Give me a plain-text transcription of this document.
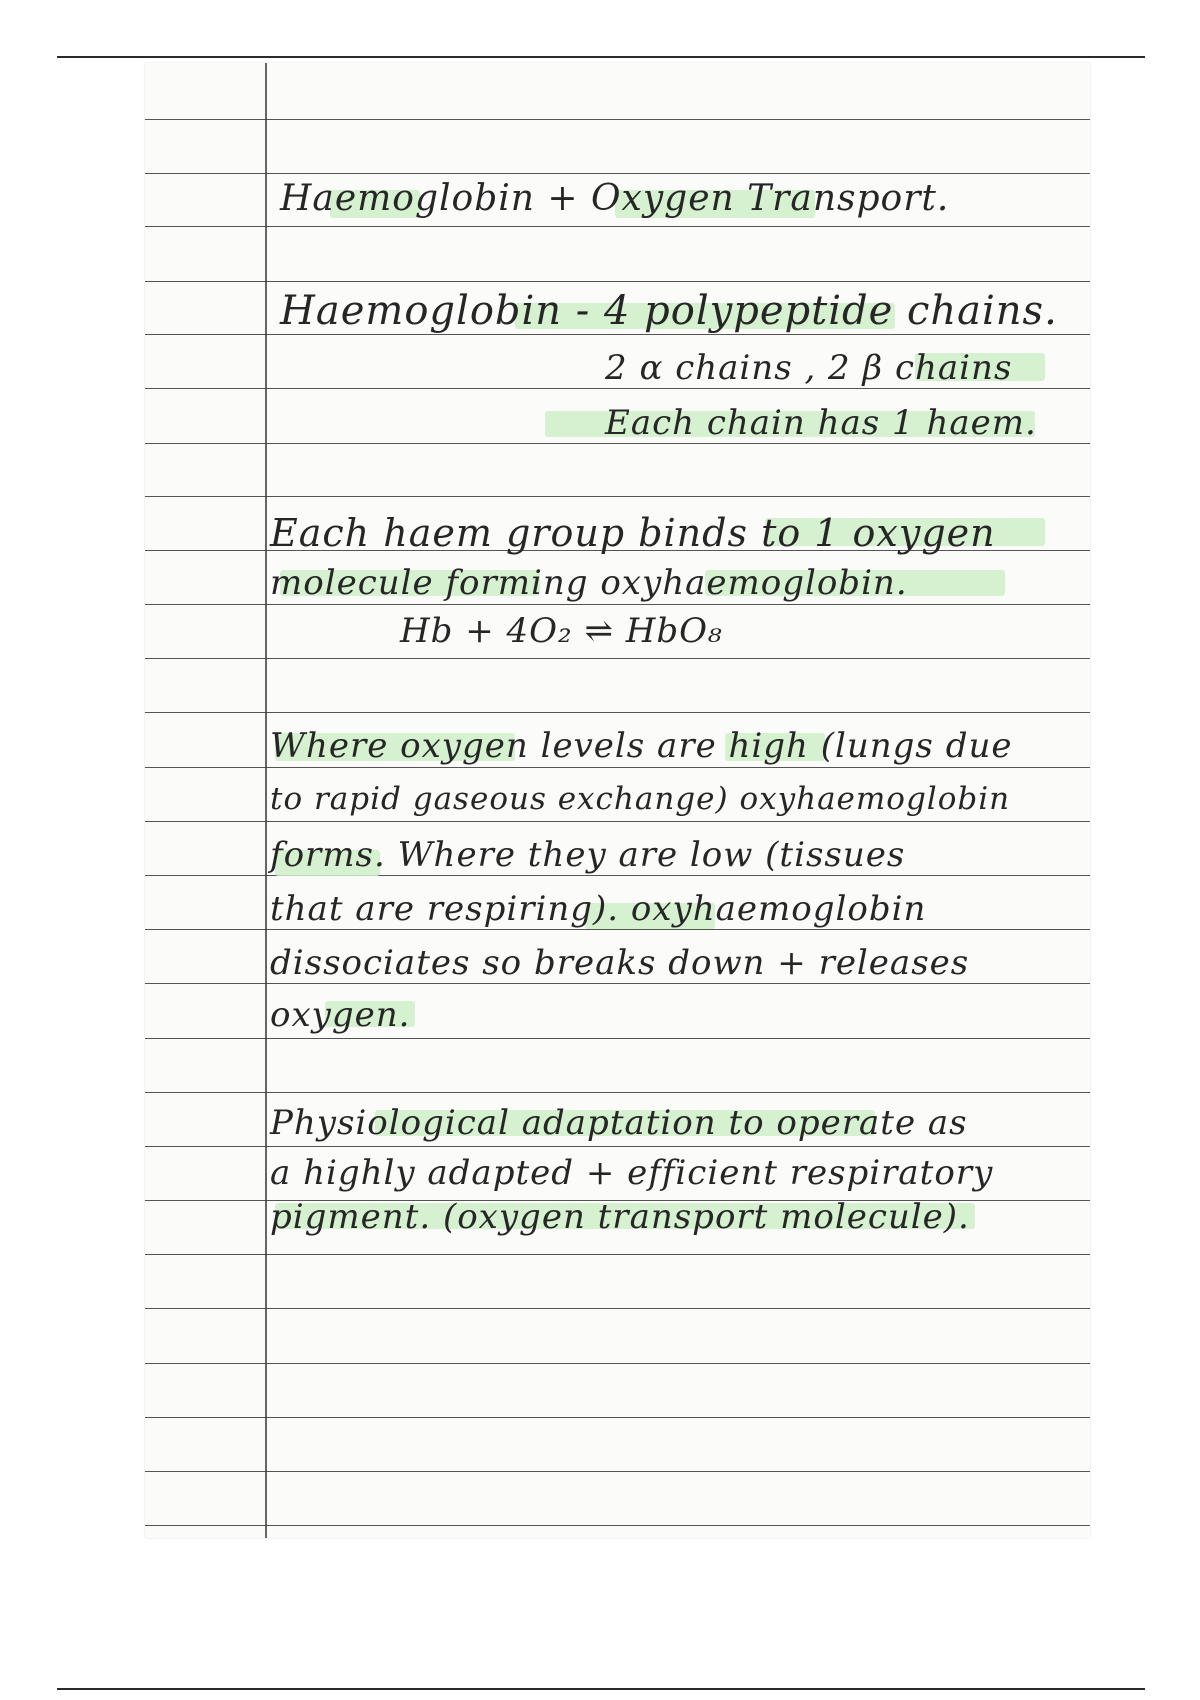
Haemoglobin + Oxygen Transport.
Haemoglobin - 4 polypeptide chains.
2 α chains , 2 β chains
Each chain has 1 haem.
Each haem group binds to 1 oxygen
molecule forming oxyhaemoglobin.
Hb + 4O₂ ⇌ HbO₈
Where oxygen levels are high (lungs due
to rapid gaseous exchange) oxyhaemoglobin
forms. Where they are low (tissues
that are respiring). oxyhaemoglobin
dissociates so breaks down + releases
oxygen.
Physiological adaptation to operate as
a highly adapted + efficient respiratory
pigment. (oxygen transport molecule).
